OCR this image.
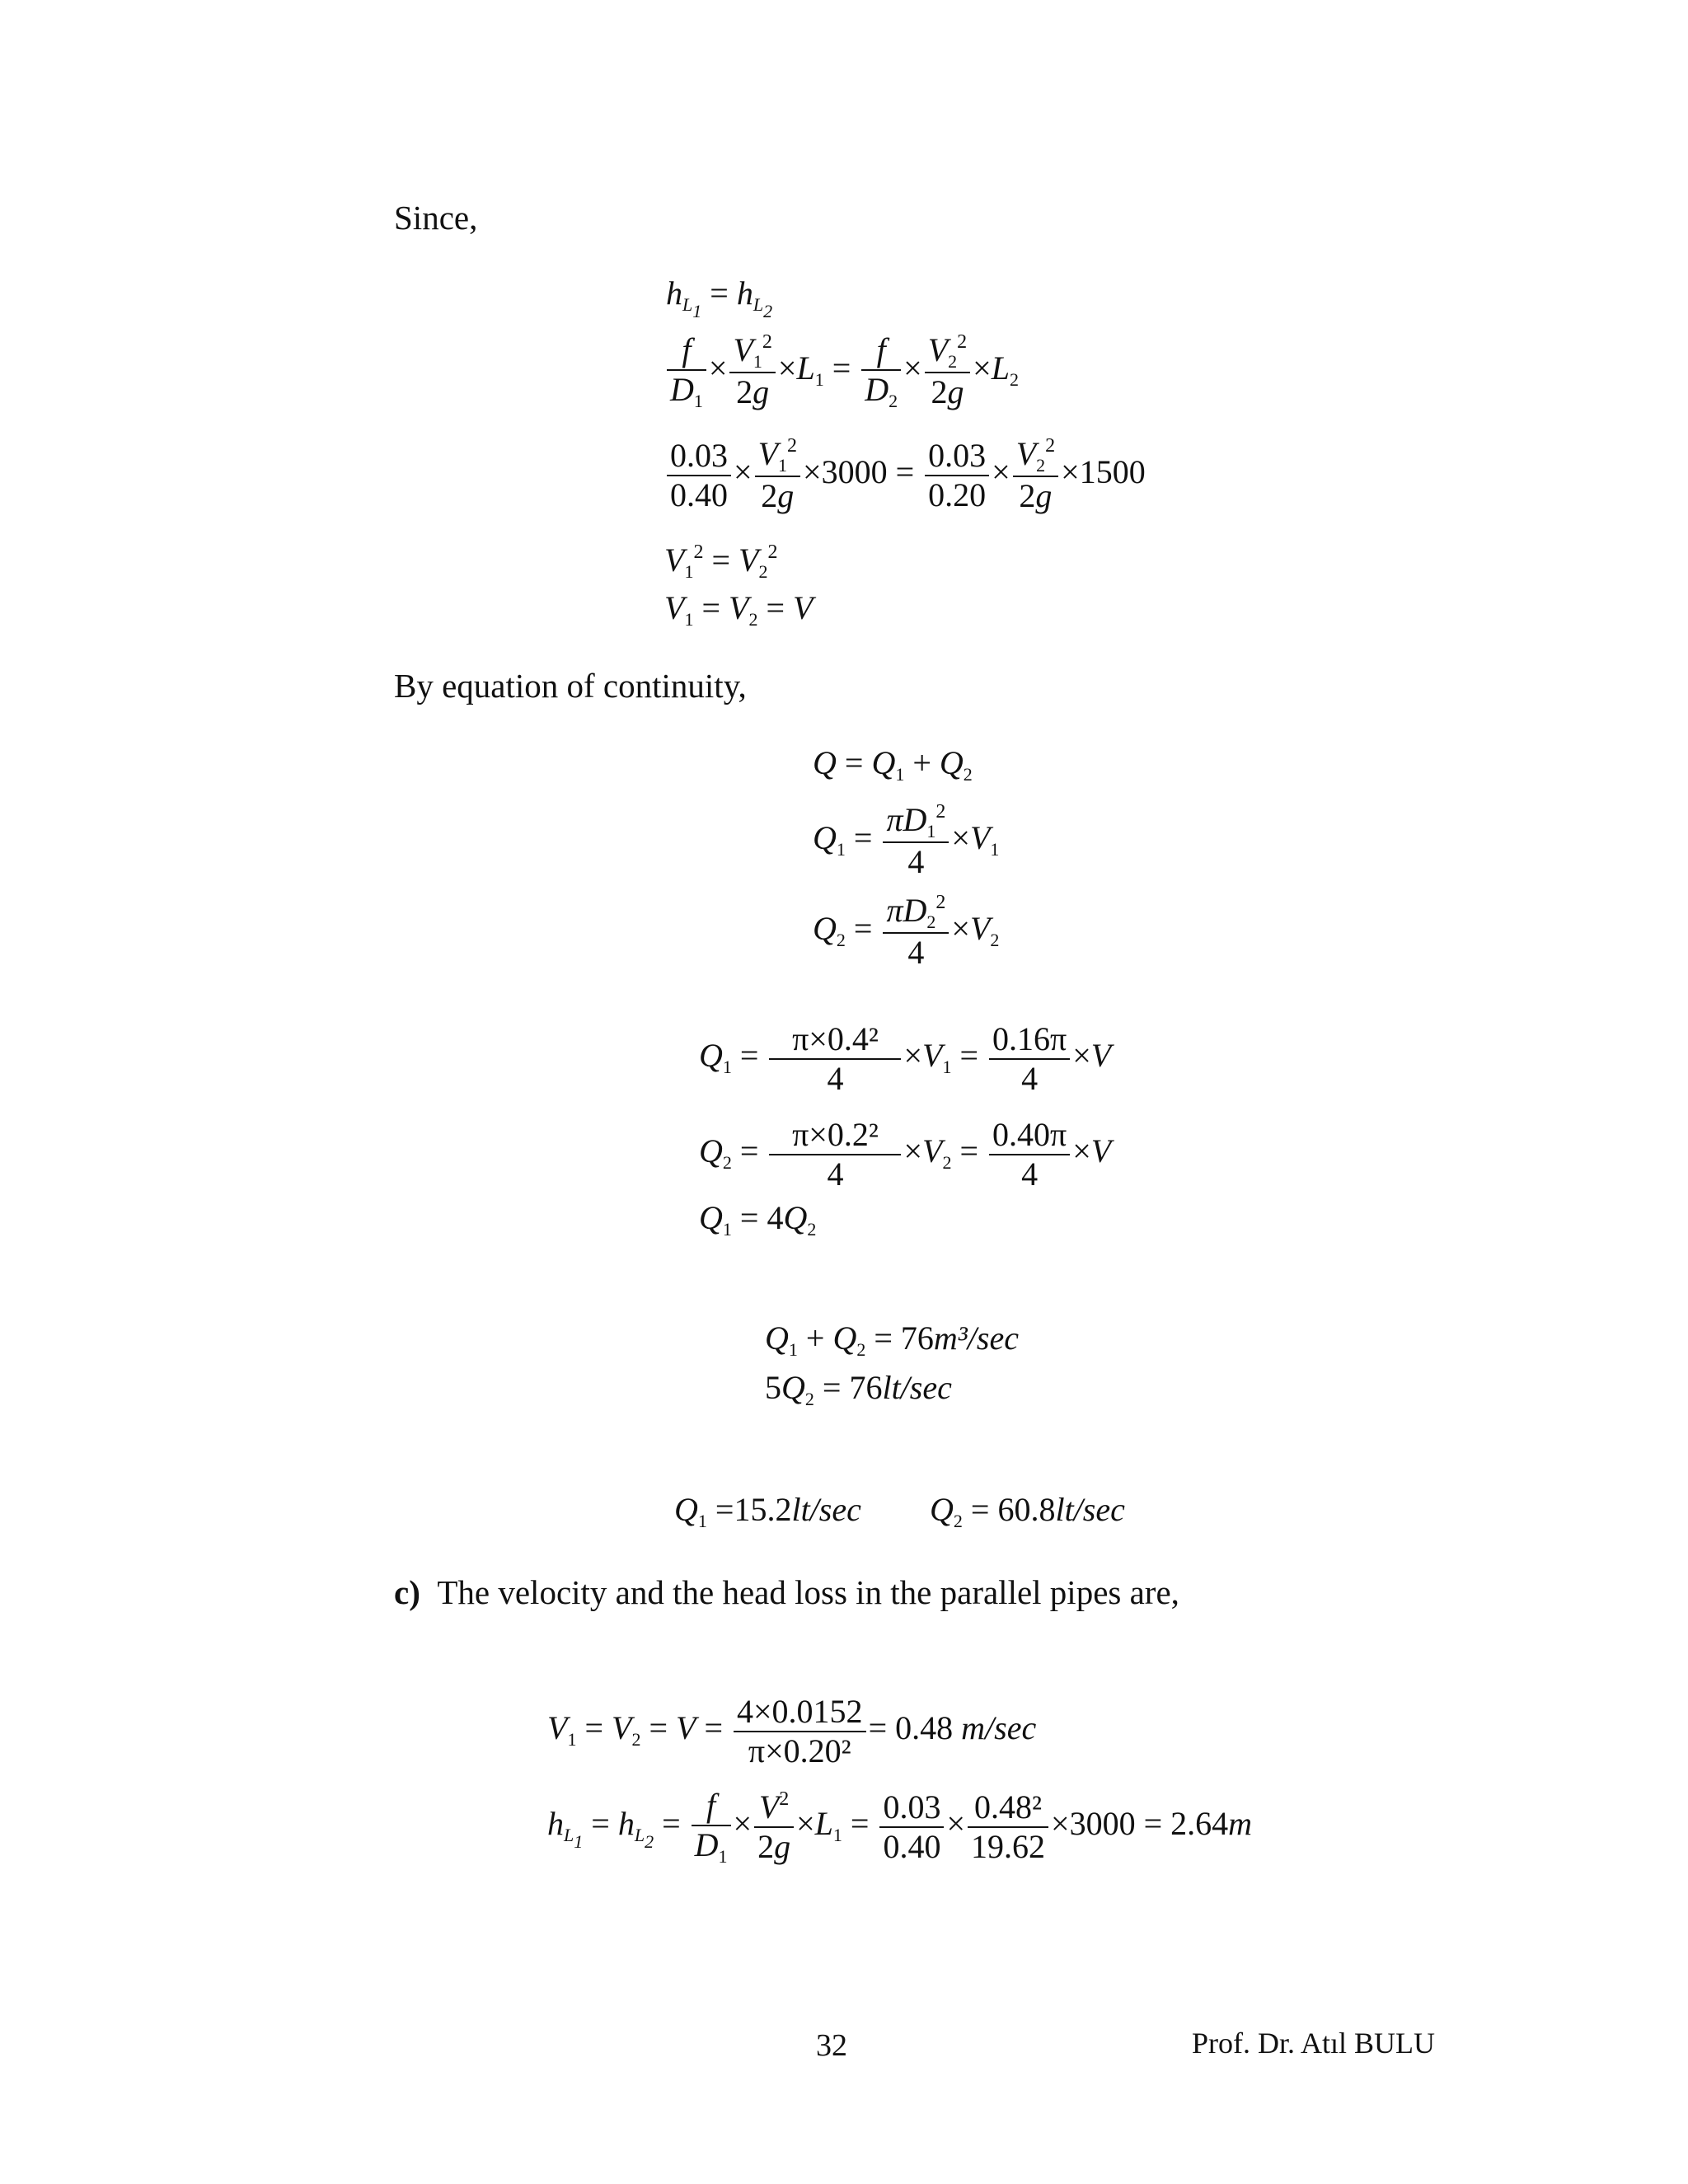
Since,
$h_{L_1} = h_{L_2}$
$\frac{f}{D_1} \times \frac{V_1^2}{2g} \times L_1 = \frac{f}{D_2} \times \frac{V_2^2}{2g} \times L_2$
$\frac{0.03}{0.40} \times \frac{V_1^2}{2g} \times 3000 = \frac{0.03}{0.20} \times \frac{V_2^2}{2g} \times 1500$
$V_1^2 = V_2^2$
$V_1 = V_2 = V$
By equation of continuity,
$Q = Q_1 + Q_2$
$Q_1 = \frac{\pi D_1^2}{4} \times V_1$
$Q_2 = \frac{\pi D_2^2}{4} \times V_2$
$Q_1 = \frac{\text{π×0.4²}}{4} \times V_1 = \frac{0.16\pi}{4} \times V$
$Q_2 = \frac{\text{π×0.2²}}{4} \times V_2 = \frac{0.40\pi}{4} \times V$
$Q_1 = 4Q_2$
$Q_1 + Q_2 = 76m^3/\sec$
$5Q_2 = 76lt/\sec$
$Q_1 =15.2lt/\sec$ $Q_2 = 60.8lt/\sec$
c) The velocity and the head loss in the parallel pipes are,
$V_1 = V_2 = V = \frac{4\times 0.0152}{\text{π×0.20²}} = 0.48$ m/sec
$h_{L_1} = h_{L_2} = \frac{f}{D_1} \times \frac{V^2}{2g} \times L_1 = \frac{0.03}{0.40} \times \frac{\text{0.48²}}{19.62} \times 3000 = 2.64m$
32	Prof. Dr. Atıl BULU
